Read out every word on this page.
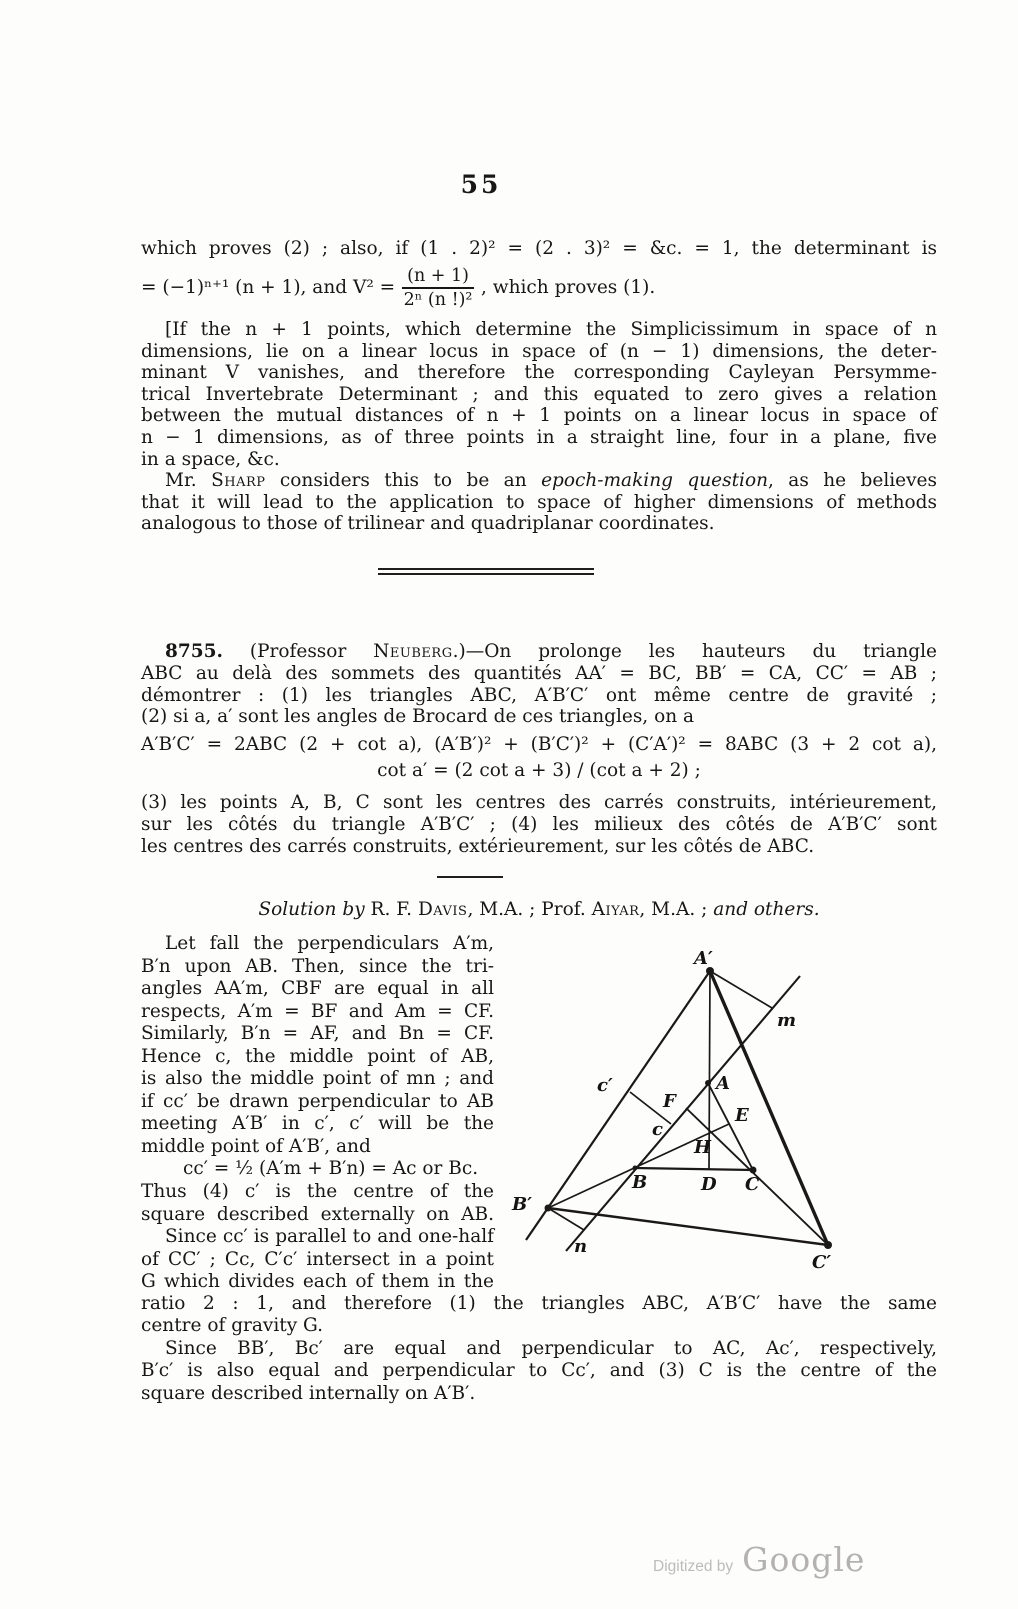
55
which proves (2) ; also, if (1 . 2)² = (2 . 3)² = &c. = 1, the determinant is
= (−1)ⁿ⁺¹ (n + 1), and $V^2 = \frac{(n + 1)}{\text{2ⁿ (n !)²}}$ , which proves (1).
[If the n + 1 points, which determine the Simplicissimum in space of n
dimensions, lie on a linear locus in space of (n − 1) dimensions, the deter-
minant V vanishes, and therefore the corresponding Cayleyan Persymme-
trical Invertebrate Determinant ; and this equated to zero gives a relation
between the mutual distances of n + 1 points on a linear locus in space of
n − 1 dimensions, as of three points in a straight line, four in a plane, five
in a space, &c.
Mr. Sharp considers this to be an epoch-making question, as he believes
that it will lead to the application to space of higher dimensions of methods
analogous to those of trilinear and quadriplanar coordinates.
8755. (Professor Neuberg.)—On prolonge les hauteurs du triangle
ABC au delà des sommets des quantités AA′ = BC, BB′ = CA, CC′ = AB ;
démontrer : (1) les triangles ABC, A′B′C′ ont même centre de gravité ;
(2) si a, a′ sont les angles de Brocard de ces triangles, on a
A′B′C′ = 2ABC (2 + cot a), (A′B′)² + (B′C′)² + (C′A′)² = 8ABC (3 + 2 cot a),
cot a′ = (2 cot a + 3) / (cot a + 2) ;
(3) les points A, B, C sont les centres des carrés construits, intérieurement,
sur les côtés du triangle A′B′C′ ; (4) les milieux des côtés de A′B′C′ sont
les centres des carrés construits, extérieurement, sur les côtés de ABC.
Solution by R. F. Davis, M.A. ; Prof. Aiyar, M.A. ; and others.
Let fall the perpendiculars A′m,
B′n upon AB. Then, since the tri-
angles AA′m, CBF are equal in all
respects, A′m = BF and Am = CF.
Similarly, B′n = AF, and Bn = CF.
Hence c, the middle point of AB,
is also the middle point of mn ; and
if cc′ be drawn perpendicular to AB
meeting A′B′ in c′, c′ will be the
middle point of A′B′, and
cc′ = ½ (A′m + B′n) = Ac or Bc.
Thus (4) c′ is the centre of the
square described externally on AB.
Since cc′ is parallel to and one-half
of CC′ ; Cc, C′c′ intersect in a point
G which divides each of them in the
ratio 2 : 1, and therefore (1) the triangles ABC, A′B′C′ have the same
centre of gravity G.
Since BB′, Bc′ are equal and perpendicular to AC, Ac′, respectively,
B′c′ is also equal and perpendicular to Cc′, and (3) C is the centre of the
square described internally on A′B′.
A′
m
c′	A
F
E
c
H
B	D C
B′
n
C′
Digitized by Google
